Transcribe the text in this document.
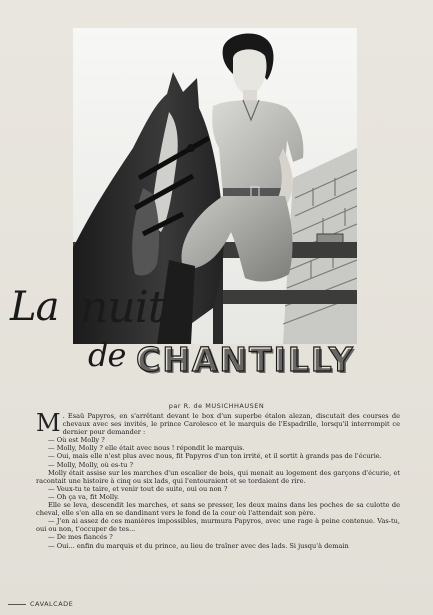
La nuit
de CHANTILLY
par R. de MUSICHHAUSEN
M . Esaü Papyros, en s'arrêtant devant le box d'un superbe étalon alezan, discutait des courses de chevaux avec ses invités, le prince Carolesco et le marquis de l'Espadrille, lorsqu'il interrompit ce dernier pour demander :

— Où est Molly ?

— Molly, Molly ? elle était avec nous ! répondit le marquis.

— Oui, mais elle n'est plus avec nous, fit Papyros d'un ton irrité, et il sortit à grands pas de l'écurie.

— Molly, Molly, où es-tu ?

Molly était assise sur les marches d'un escalier de bois, qui menait au logement des garçons d'écurie, et racontait une histoire à cinq ou six lads, qui l'entouraient et se tordaient de rire.

— Veux-tu te taire, et venir tout de suite, oui ou non ?

— Oh ça va, fit Molly.

Elle se leva, descendit les marches, et sans se presser, les deux mains dans les poches de sa culotte de cheval, elle s'en alla en se dandinant vers le fond de la cour où l'attendait son père.

— J'en ai assez de ces manières impossibles, murmura Papyros, avec une rage à peine contenue. Vas-tu, oui ou non, t'occuper de tes...

— De mes fiancés ?

— Oui... enfin du marquis et du prince, au lieu de traîner avec des lads. Si jusqu'à demain

CAVALCADE
